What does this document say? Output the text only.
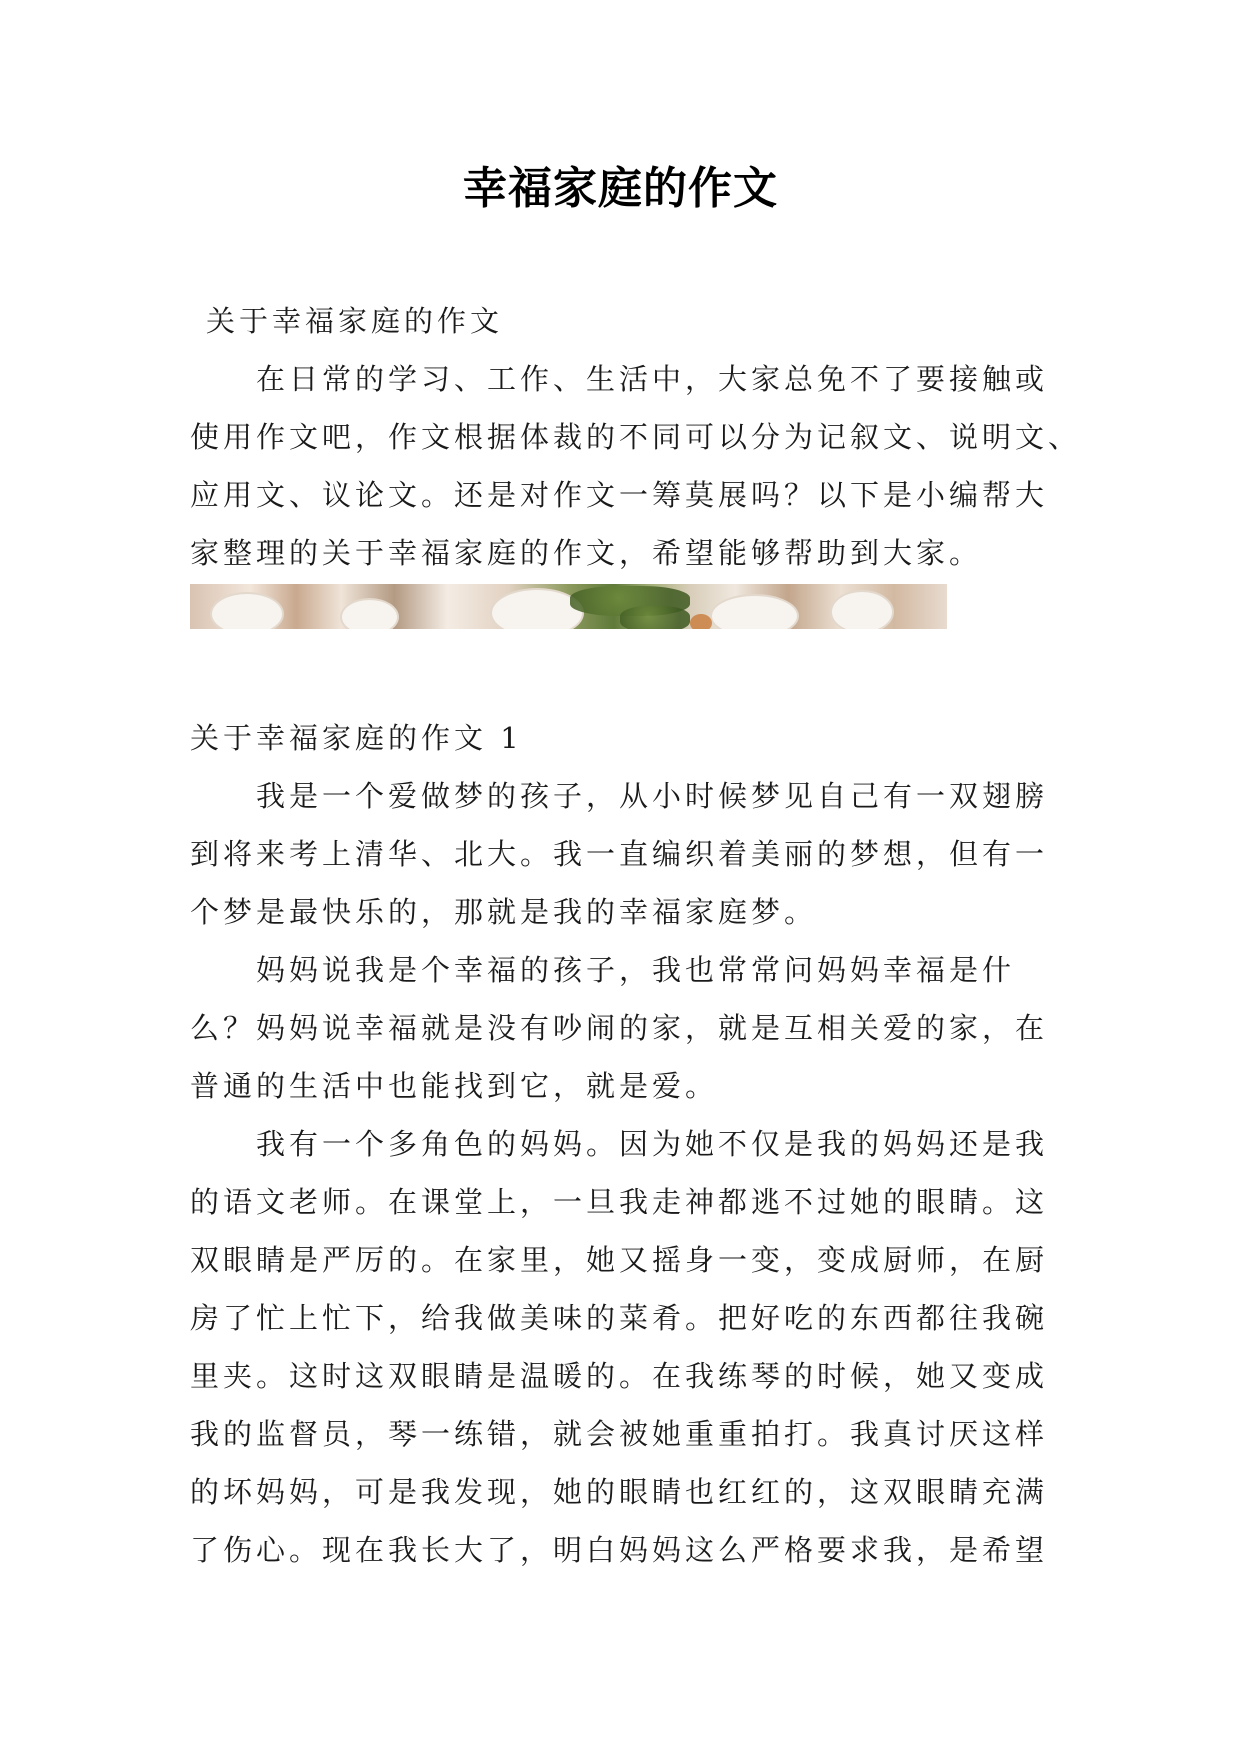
幸福家庭的作文

关于幸福家庭的作文

在日常的学习、工作、生活中，大家总免不了要接触或

使用作文吧，作文根据体裁的不同可以分为记叙文、说明文、

应用文、议论文。还是对作文一筹莫展吗？以下是小编帮大

家整理的关于幸福家庭的作文，希望能够帮助到大家。

关于幸福家庭的作文 1

我是一个爱做梦的孩子，从小时候梦见自己有一双翅膀

到将来考上清华、北大。我一直编织着美丽的梦想，但有一

个梦是最快乐的，那就是我的幸福家庭梦。

妈妈说我是个幸福的孩子，我也常常问妈妈幸福是什

么？妈妈说幸福就是没有吵闹的家，就是互相关爱的家，在

普通的生活中也能找到它，就是爱。

我有一个多角色的妈妈。因为她不仅是我的妈妈还是我

的语文老师。在课堂上，一旦我走神都逃不过她的眼睛。这

双眼睛是严厉的。在家里，她又摇身一变，变成厨师，在厨

房了忙上忙下，给我做美味的菜肴。把好吃的东西都往我碗

里夹。这时这双眼睛是温暖的。在我练琴的时候，她又变成

我的监督员，琴一练错，就会被她重重拍打。我真讨厌这样

的坏妈妈，可是我发现，她的眼睛也红红的，这双眼睛充满

了伤心。现在我长大了，明白妈妈这么严格要求我，是希望
